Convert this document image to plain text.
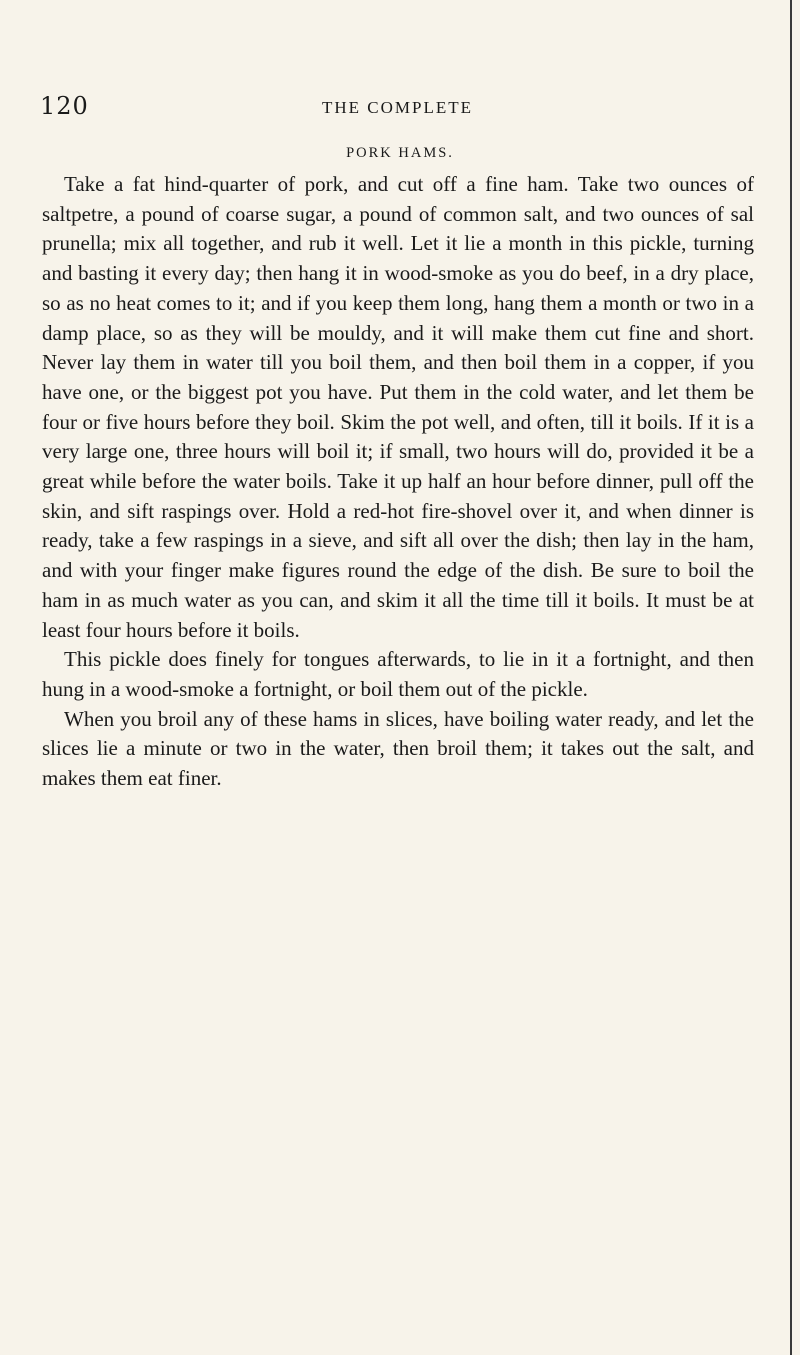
120	THE COMPLETE
PORK HAMS.

Take a fat hind-quarter of pork, and cut off a fine ham. Take two ounces of saltpetre, a pound of coarse sugar, a pound of common salt, and two ounces of sal prunella; mix all together, and rub it well. Let it lie a month in this pickle, turning and basting it every day; then hang it in wood-smoke as you do beef, in a dry place, so as no heat comes to it; and if you keep them long, hang them a month or two in a damp place, so as they will be mouldy, and it will make them cut fine and short. Never lay them in water till you boil them, and then boil them in a copper, if you have one, or the biggest pot you have. Put them in the cold water, and let them be four or five hours before they boil. Skim the pot well, and often, till it boils. If it is a very large one, three hours will boil it; if small, two hours will do, provided it be a great while before the water boils. Take it up half an hour before dinner, pull off the skin, and sift raspings over. Hold a red-hot fire-shovel over it, and when dinner is ready, take a few raspings in a sieve, and sift all over the dish; then lay in the ham, and with your finger make figures round the edge of the dish. Be sure to boil the ham in as much water as you can, and skim it all the time till it boils. It must be at least four hours before it boils.

This pickle does finely for tongues afterwards, to lie in it a fortnight, and then hung in a wood-smoke a fortnight, or boil them out of the pickle.

When you broil any of these hams in slices, have boiling water ready, and let the slices lie a minute or two in the water, then broil them; it takes out the salt, and makes them eat finer.
